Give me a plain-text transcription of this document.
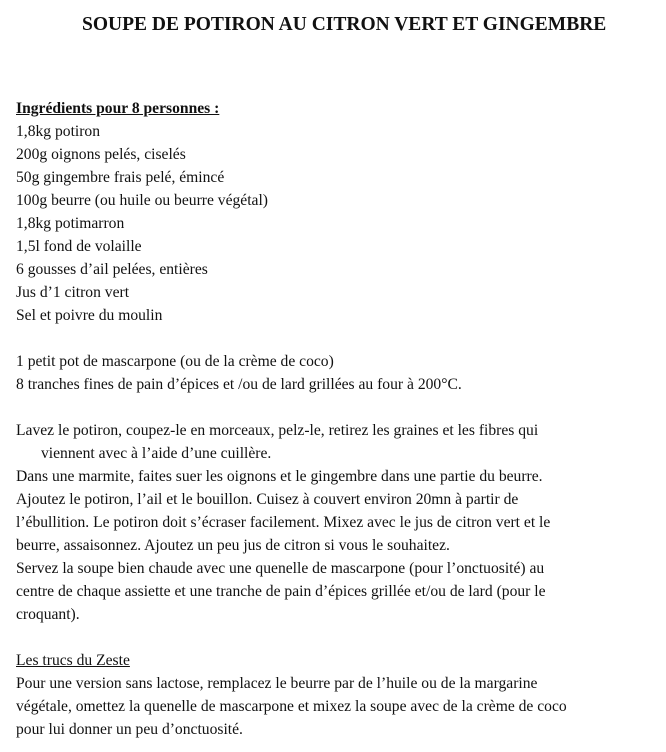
SOUPE DE POTIRON AU CITRON VERT ET GINGEMBRE
Ingrédients pour 8 personnes :
1,8kg potiron
200g oignons pelés, ciselés
50g gingembre frais pelé, émincé
100g beurre (ou huile ou beurre végétal)
1,8kg potimarron
1,5l fond de volaille
6 gousses d’ail pelées, entières
Jus d’1 citron vert
Sel et poivre du moulin
1 petit pot de mascarpone (ou de la crème de coco)
8 tranches fines de pain d’épices et /ou de lard grillées au four à 200°C.
Lavez le potiron, coupez-le en morceaux, pelz-le, retirez les graines et les fibres qui
viennent avec à l’aide d’une cuillère.
Dans une marmite, faites suer les oignons et le gingembre dans une partie du beurre.
Ajoutez le potiron, l’ail et le bouillon. Cuisez à couvert environ 20mn à partir de
l’ébullition. Le potiron doit s’écraser facilement. Mixez avec le jus de citron vert et le
beurre, assaisonnez. Ajoutez un peu jus de citron si vous le souhaitez.
Servez la soupe bien chaude avec une quenelle de mascarpone (pour l’onctuosité) au
centre de chaque assiette et une tranche de pain d’épices grillée et/ou de lard (pour le
croquant).
Les trucs du Zeste
Pour une version sans lactose, remplacez le beurre par de l’huile ou de la margarine
végétale, omettez la quenelle de mascarpone et mixez la soupe avec de la crème de coco
pour lui donner un peu d’onctuosité.
